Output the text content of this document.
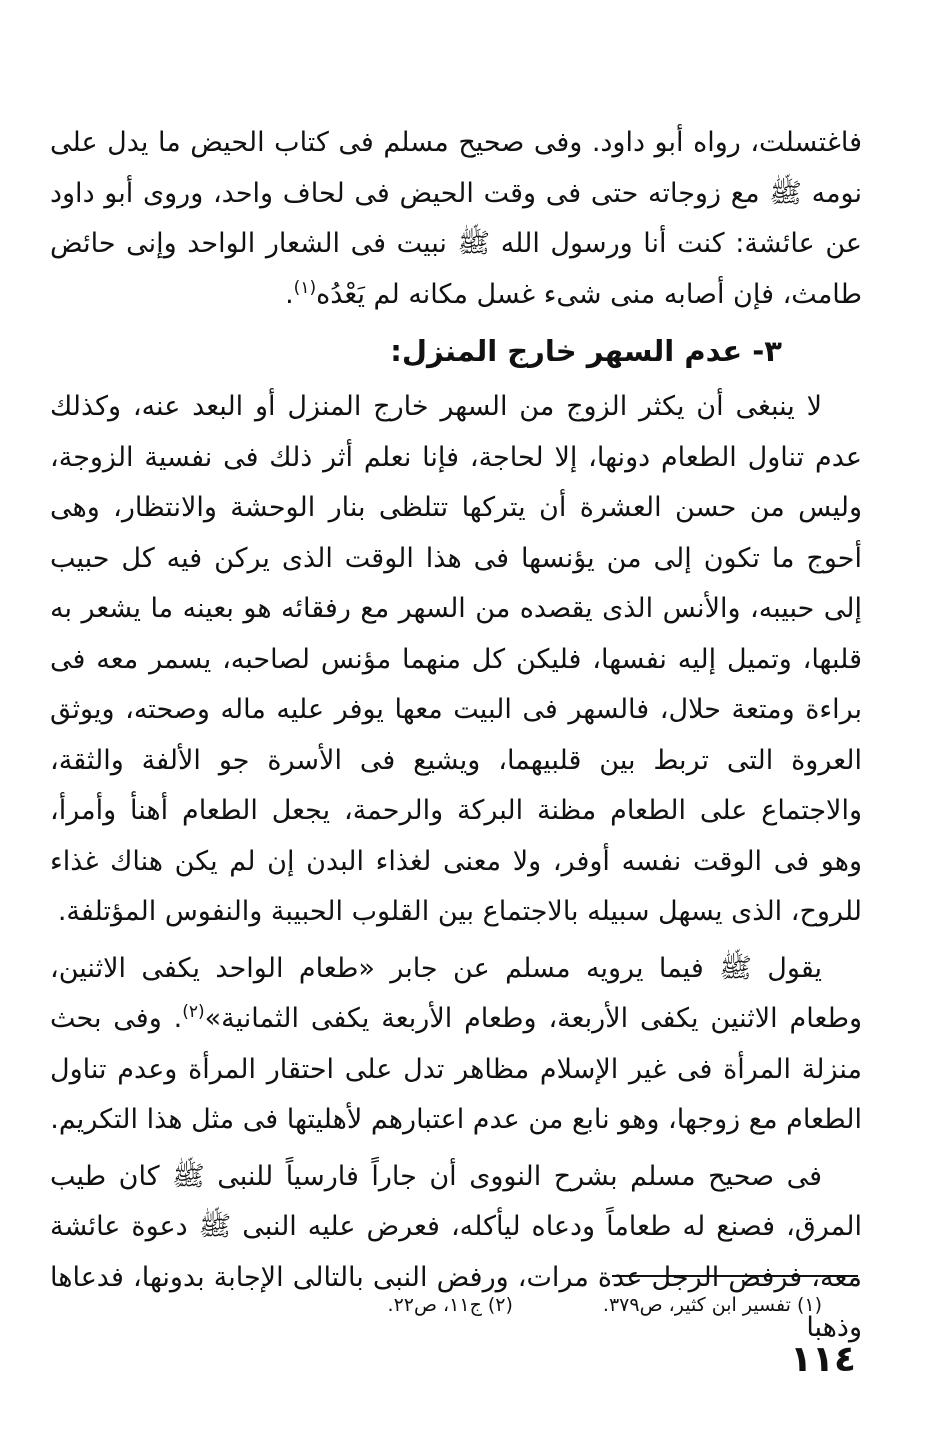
فاغتسلت، رواه أبو داود. وفى صحيح مسلم فى كتاب الحيض ما يدل على نومه ﷺ مع زوجاته حتى فى وقت الحيض فى لحاف واحد، وروى أبو داود عن عائشة: كنت أنا ورسول الله ﷺ نبيت فى الشعار الواحد وإنى حائض طامث، فإن أصابه منى شىء غسل مكانه لم يَعْدُه$^{(١)}$.

٣- عدم السهر خارج المنزل:

لا ينبغى أن يكثر الزوج من السهر خارج المنزل أو البعد عنه، وكذلك عدم تناول الطعام دونها، إلا لحاجة، فإنا نعلم أثر ذلك فى نفسية الزوجة، وليس من حسن العشرة أن يتركها تتلظى بنار الوحشة والانتظار، وهى أحوج ما تكون إلى من يؤنسها فى هذا الوقت الذى يركن فيه كل حبيب إلى حبيبه، والأنس الذى يقصده من السهر مع رفقائه هو بعينه ما يشعر به قلبها، وتميل إليه نفسها، فليكن كل منهما مؤنس لصاحبه، يسمر معه فى براءة ومتعة حلال، فالسهر فى البيت معها يوفر عليه ماله وصحته، ويوثق العروة التى تربط بين قلبيهما، ويشيع فى الأسرة جو الألفة والثقة، والاجتماع على الطعام مظنة البركة والرحمة، يجعل الطعام أهنأ وأمرأ، وهو فى الوقت نفسه أوفر، ولا معنى لغذاء البدن إن لم يكن هناك غذاء للروح، الذى يسهل سبيله بالاجتماع بين القلوب الحبيبة والنفوس المؤتلفة.

يقول ﷺ فيما يرويه مسلم عن جابر «طعام الواحد يكفى الاثنين، وطعام الاثنين يكفى الأربعة، وطعام الأربعة يكفى الثمانية»$^{(٢)}$. وفى بحث منزلة المرأة فى غير الإسلام مظاهر تدل على احتقار المرأة وعدم تناول الطعام مع زوجها، وهو نابع من عدم اعتبارهم لأهليتها فى مثل هذا التكريم.

فى صحيح مسلم بشرح النووى أن جاراً فارسياً للنبى ﷺ كان طيب المرق، فصنع له طعاماً ودعاه ليأكله، فعرض عليه النبى ﷺ دعوة عائشة معه، فرفض الرجل عدة مرات، ورفض النبى بالتالى الإجابة بدونها، فدعاها وذهبا

(١) تفسير ابن كثير، ص٣٧٩.(٢) ج١١، ص٢٢.
١١٤
